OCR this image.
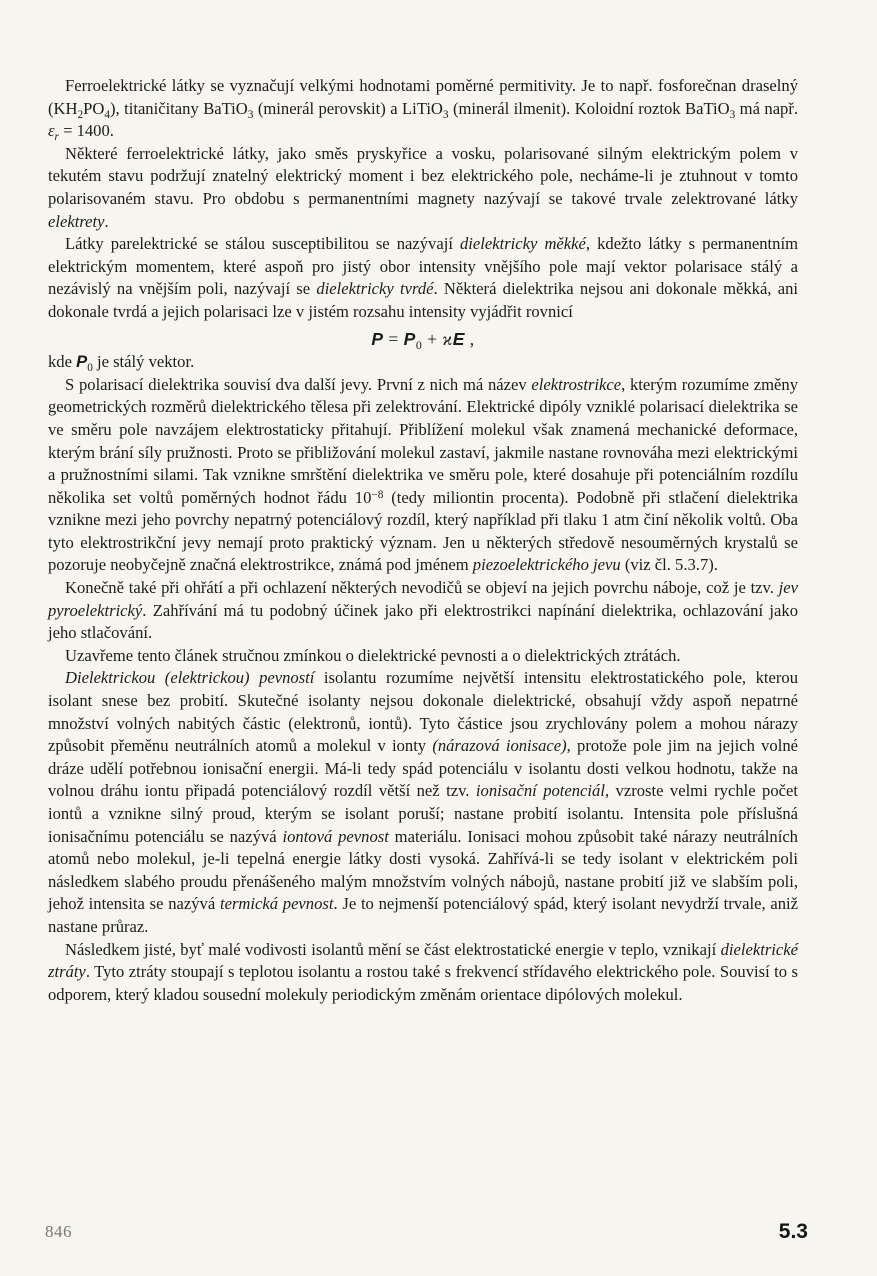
Ferroelektrické látky se vyznačují velkými hodnotami poměrné permitivity. Je to např. fosforečnan draselný $(KH_2PO_4)$, titaničitany BaTiO$_3$ (minerál perovskit) a LiTiO$_3$ (minerál ilmenit). Koloidní roztok BaTiO$_3$ má např. $\varepsilon_r = 1400$.

Některé ferroelektrické látky, jako směs pryskyřice a vosku, polarisované silným elektrickým polem v tekutém stavu podržují znatelný elektrický moment i bez elektrického pole, necháme-li je ztuhnout v tomto polarisovaném stavu. Pro obdobu s permanentními magnety nazývají se takové trvale zelektrované látky elektrety.

Látky parelektrické se stálou susceptibilitou se nazývají dielektricky měkké, kdežto látky s permanentním elektrickým momentem, které aspoň pro jistý obor intensity vnějšího pole mají vektor polarisace stálý a nezávislý na vnějším poli, nazývají se dielektricky tvrdé. Některá dielektrika nejsou ani dokonale měkká, ani dokonale tvrdá a jejich polarisaci lze v jistém rozsahu intensity vyjádřit rovnicí

$P = P_0 + ϰE$ ,

kde $P_0$ je stálý vektor.

S polarisací dielektrika souvisí dva další jevy. První z nich má název elektrostrikce, kterým rozumíme změny geometrických rozměrů dielektrického tělesa při zelektrování. Elektrické dipóly vzniklé polarisací dielektrika se ve směru pole navzájem elektrostaticky přitahují. Přiblížení molekul však znamená mechanické deformace, kterým brání síly pružnosti. Proto se přibližování molekul zastaví, jakmile nastane rovnováha mezi elektrickými a pružnostními silami. Tak vznikne smrštění dielektrika ve směru pole, které dosahuje při potenciálním rozdílu několika set voltů poměrných hodnot řádu $10^{-8}$ (tedy miliontin procenta). Podobně při stlačení dielektrika vznikne mezi jeho povrchy nepatrný potenciálový rozdíl, který například při tlaku 1 atm činí několik voltů. Oba tyto elektrostrikční jevy nemají proto praktický význam. Jen u některých středově nesouměrných krystalů se pozoruje neobyčejně značná elektrostrikce, známá pod jménem piezoelektrického jevu (viz čl. 5.3.7).

Konečně také při ohřátí a při ochlazení některých nevodičů se objeví na jejich povrchu náboje, což je tzv. jev pyroelektrický. Zahřívání má tu podobný účinek jako při elektrostrikci napínání dielektrika, ochlazování jako jeho stlačování.

Uzavřeme tento článek stručnou zmínkou o dielektrické pevnosti a o dielektrických ztrátách.

Dielektrickou (elektrickou) pevností isolantu rozumíme největší intensitu elektrostatického pole, kterou isolant snese bez probití. Skutečné isolanty nejsou dokonale dielektrické, obsahují vždy aspoň nepatrné množství volných nabitých částic (elektronů, iontů). Tyto částice jsou zrychlovány polem a mohou nárazy způsobit přeměnu neutrálních atomů a molekul v ionty (nárazová ionisace), protože pole jim na jejich volné dráze udělí potřebnou ionisační energii. Má-li tedy spád potenciálu v isolantu dosti velkou hodnotu, takže na volnou dráhu iontu připadá potenciálový rozdíl větší než tzv. ionisační potenciál, vzroste velmi rychle počet iontů a vznikne silný proud, kterým se isolant poruší; nastane probití isolantu. Intensita pole příslušná ionisačnímu potenciálu se nazývá iontová pevnost materiálu. Ionisaci mohou způsobit také nárazy neutrálních atomů nebo molekul, je-li tepelná energie látky dosti vysoká. Zahřívá-li se tedy isolant v elektrickém poli následkem slabého proudu přenášeného malým množstvím volných nábojů, nastane probití již ve slabším poli, jehož intensita se nazývá termická pevnost. Je to nejmenší potenciálový spád, který isolant nevydrží trvale, aniž nastane průraz.

Následkem jisté, byť malé vodivosti isolantů mění se část elektrostatické energie v teplo, vznikají dielektrické ztráty. Tyto ztráty stoupají s teplotou isolantu a rostou také s frekvencí střídavého elektrického pole. Souvisí to s odporem, který kladou sousední molekuly periodickým změnám orientace dipólových molekul.

846	5.3
